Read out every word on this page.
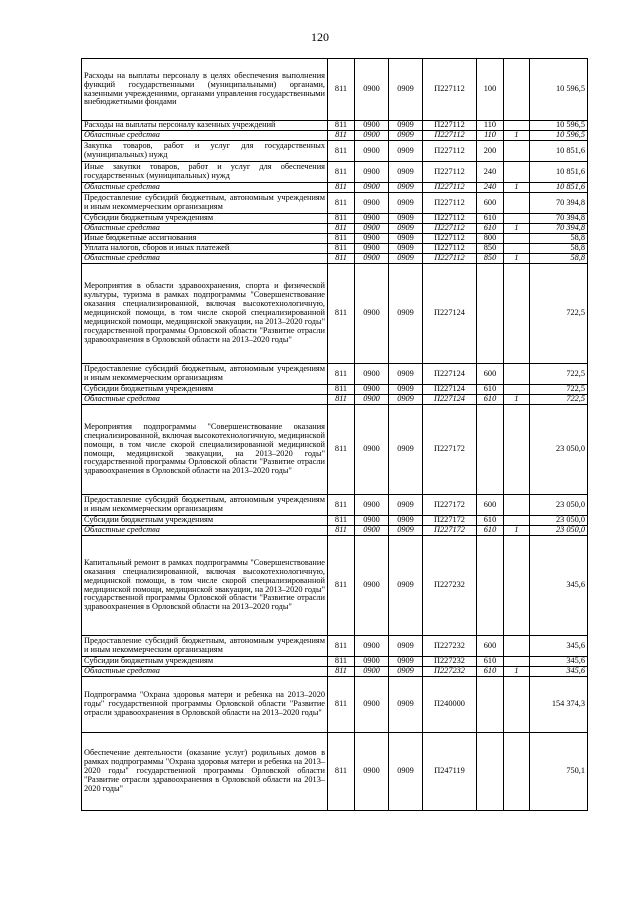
120
Расходы на выплаты персоналу в целях обеспечения выполнения функций государственными (муниципальными) органами, казенными учреждениями, органами управления государственными внебюджетными фондами	811	0900	0909	П227112	100		10 596,5
Расходы на выплаты персоналу казенных учреждений	811	0900	0909	П227112	110		10 596,5
Областные средства	811	0900	0909	П227112	110	1	10 596,5
Закупка товаров, работ и услуг для государственных (муниципальных) нужд	811	0900	0909	П227112	200		10 851,6
Иные закупки товаров, работ и услуг для обеспечения государственных (муниципальных) нужд	811	0900	0909	П227112	240		10 851,6
Областные средства	811	0900	0909	П227112	240	1	10 851,6
Предоставление субсидий бюджетным, автономным учреждениям и иным некоммерческим организациям	811	0900	0909	П227112	600		70 394,8
Субсидии бюджетным учреждениям	811	0900	0909	П227112	610		70 394,8
Областные средства	811	0900	0909	П227112	610	1	70 394,8
Иные бюджетные ассигнования	811	0900	0909	П227112	800		58,8
Уплата налогов, сборов и иных платежей	811	0900	0909	П227112	850		58,8
Областные средства	811	0900	0909	П227112	850	1	58,8
Мероприятия в области здравоохранения, спорта и физической культуры, туризма в рамках подпрограммы "Совершенствование оказания специализированной, включая высокотехнологичную, медицинской помощи, в том числе скорой специализированной медицинской помощи, медицинской эвакуации, на 2013–2020 годы" государственной программы Орловской области "Развитие отрасли здравоохранения в Орловской области на 2013–2020 годы"	811	0900	0909	П227124			722,5
Предоставление субсидий бюджетным, автономным учреждениям и иным некоммерческим организациям	811	0900	0909	П227124	600		722,5
Субсидии бюджетным учреждениям	811	0900	0909	П227124	610		722,5
Областные средства	811	0900	0909	П227124	610	1	722,5
Мероприятия подпрограммы "Совершенствование оказания специализированной, включая высокотехнологичную, медицинской помощи, в том числе скорой специализированной медицинской помощи, медицинской эвакуации, на 2013–2020 годы" государственной программы Орловской области "Развитие отрасли здравоохранения в Орловской области на 2013–2020 годы"	811	0900	0909	П227172			23 050,0
Предоставление субсидий бюджетным, автономным учреждениям и иным некоммерческим организациям	811	0900	0909	П227172	600		23 050,0
Субсидии бюджетным учреждениям	811	0900	0909	П227172	610		23 050,0
Областные средства	811	0900	0909	П227172	610	1	23 050,0
Капитальный ремонт в рамках подпрограммы "Совершенствование оказания специализированной, включая высокотехнологичную, медицинской помощи, в том числе скорой специализированной медицинской помощи, медицинской эвакуации, на 2013–2020 годы" государственной программы Орловской области "Развитие отрасли здравоохранения в Орловской области на 2013–2020 годы"	811	0900	0909	П227232			345,6
Предоставление субсидий бюджетным, автономным учреждениям и иным некоммерческим организациям	811	0900	0909	П227232	600		345,6
Субсидии бюджетным учреждениям	811	0900	0909	П227232	610		345,6
Областные средства	811	0900	0909	П227232	610	1	345,6
Подпрограмма "Охрана здоровья матери и ребенка на 2013–2020 годы" государственной программы Орловской области "Развитие отрасли здравоохранения в Орловской области на 2013–2020 годы"	811	0900	0909	П240000			154 374,3
Обеспечение деятельности (оказание услуг) родильных домов в рамках подпрограммы "Охрана здоровья матери и ребенка на 2013–2020 годы" государственной программы Орловской области "Развитие отрасли здравоохранения в Орловской области на 2013–2020 годы"	811	0900	0909	П247119			750,1
